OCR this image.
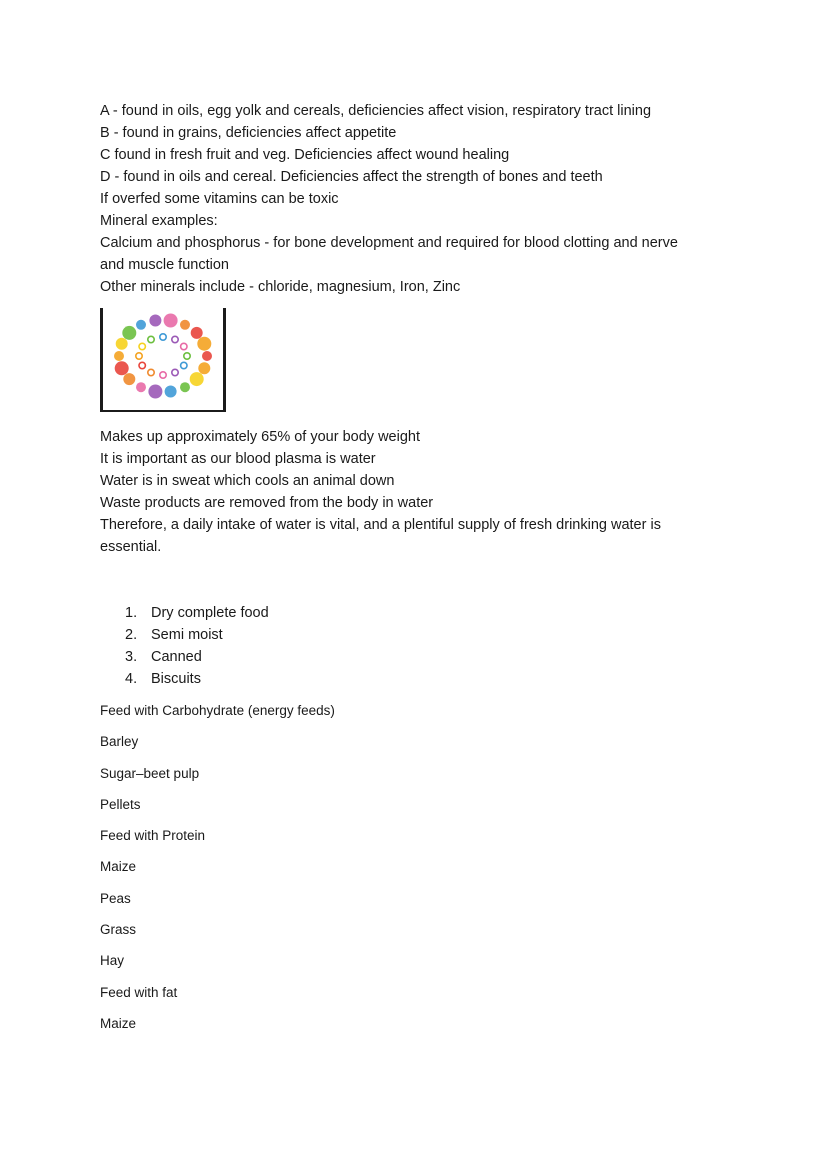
A - found in oils, egg yolk and cereals, deficiencies affect vision, respiratory tract lining

B - found in grains, deficiencies affect appetite

C found in fresh fruit and veg. Deficiencies affect wound healing

D - found in oils and cereal. Deficiencies affect the strength of bones and teeth

If overfed some vitamins can be toxic

Mineral examples:

Calcium and phosphorus - for bone development and required for blood clotting and nerve

and muscle function

Other minerals include - chloride, magnesium, Iron, Zinc

Makes up approximately 65% of your body weight

It is important as our blood plasma is water

Water is in sweat which cools an animal down

Waste products are removed from the body in water

Therefore, a daily intake of water is vital, and a plentiful supply of fresh drinking water is

essential.

1. Dry complete food
2. Semi moist
3. Canned
4. Biscuits

Feed with Carbohydrate (energy feeds)

Barley

Sugar–beet pulp

Pellets

Feed with Protein

Maize

Peas

Grass

Hay

Feed with fat

Maize
